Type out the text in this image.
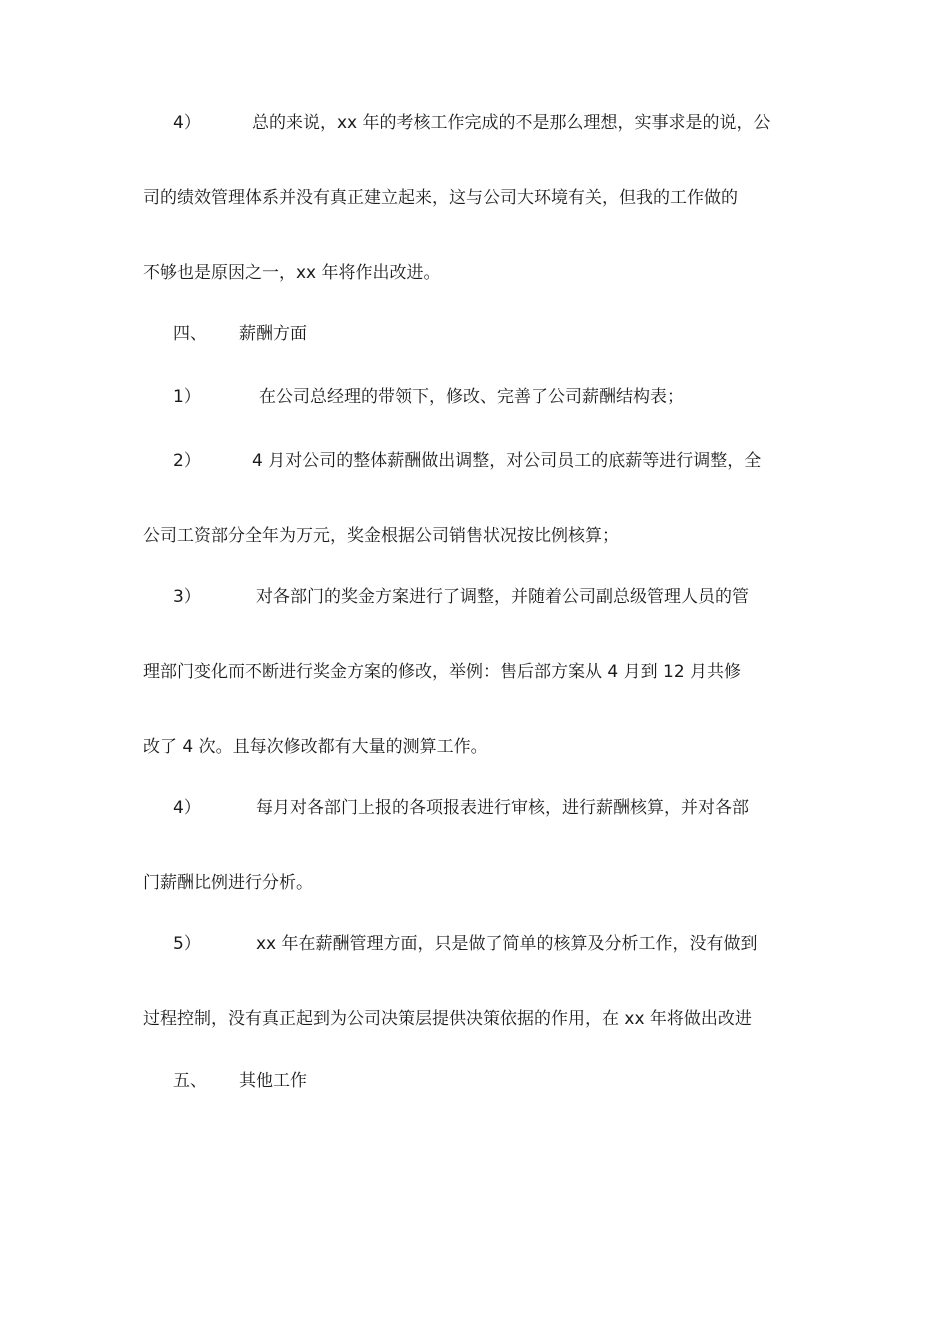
4）	总的来说，xx 年的考核工作完成的不是那么理想，实事求是的说，公
司的绩效管理体系并没有真正建立起来，这与公司大环境有关，但我的工作做的
不够也是原因之一，xx 年将作出改进。
四、 薪酬方面
1）	在公司总经理的带领下，修改、完善了公司薪酬结构表；
2）	4 月对公司的整体薪酬做出调整，对公司员工的底薪等进行调整，全
公司工资部分全年为万元，奖金根据公司销售状况按比例核算；
3）	对各部门的奖金方案进行了调整，并随着公司副总级管理人员的管
理部门变化而不断进行奖金方案的修改，举例：售后部方案从 4 月到 12 月共修
改了 4 次。且每次修改都有大量的测算工作。
4）	每月对各部门上报的各项报表进行审核，进行薪酬核算，并对各部
门薪酬比例进行分析。
5）	xx 年在薪酬管理方面，只是做了简单的核算及分析工作，没有做到
过程控制，没有真正起到为公司决策层提供决策依据的作用，在 xx 年将做出改进
五、 其他工作
